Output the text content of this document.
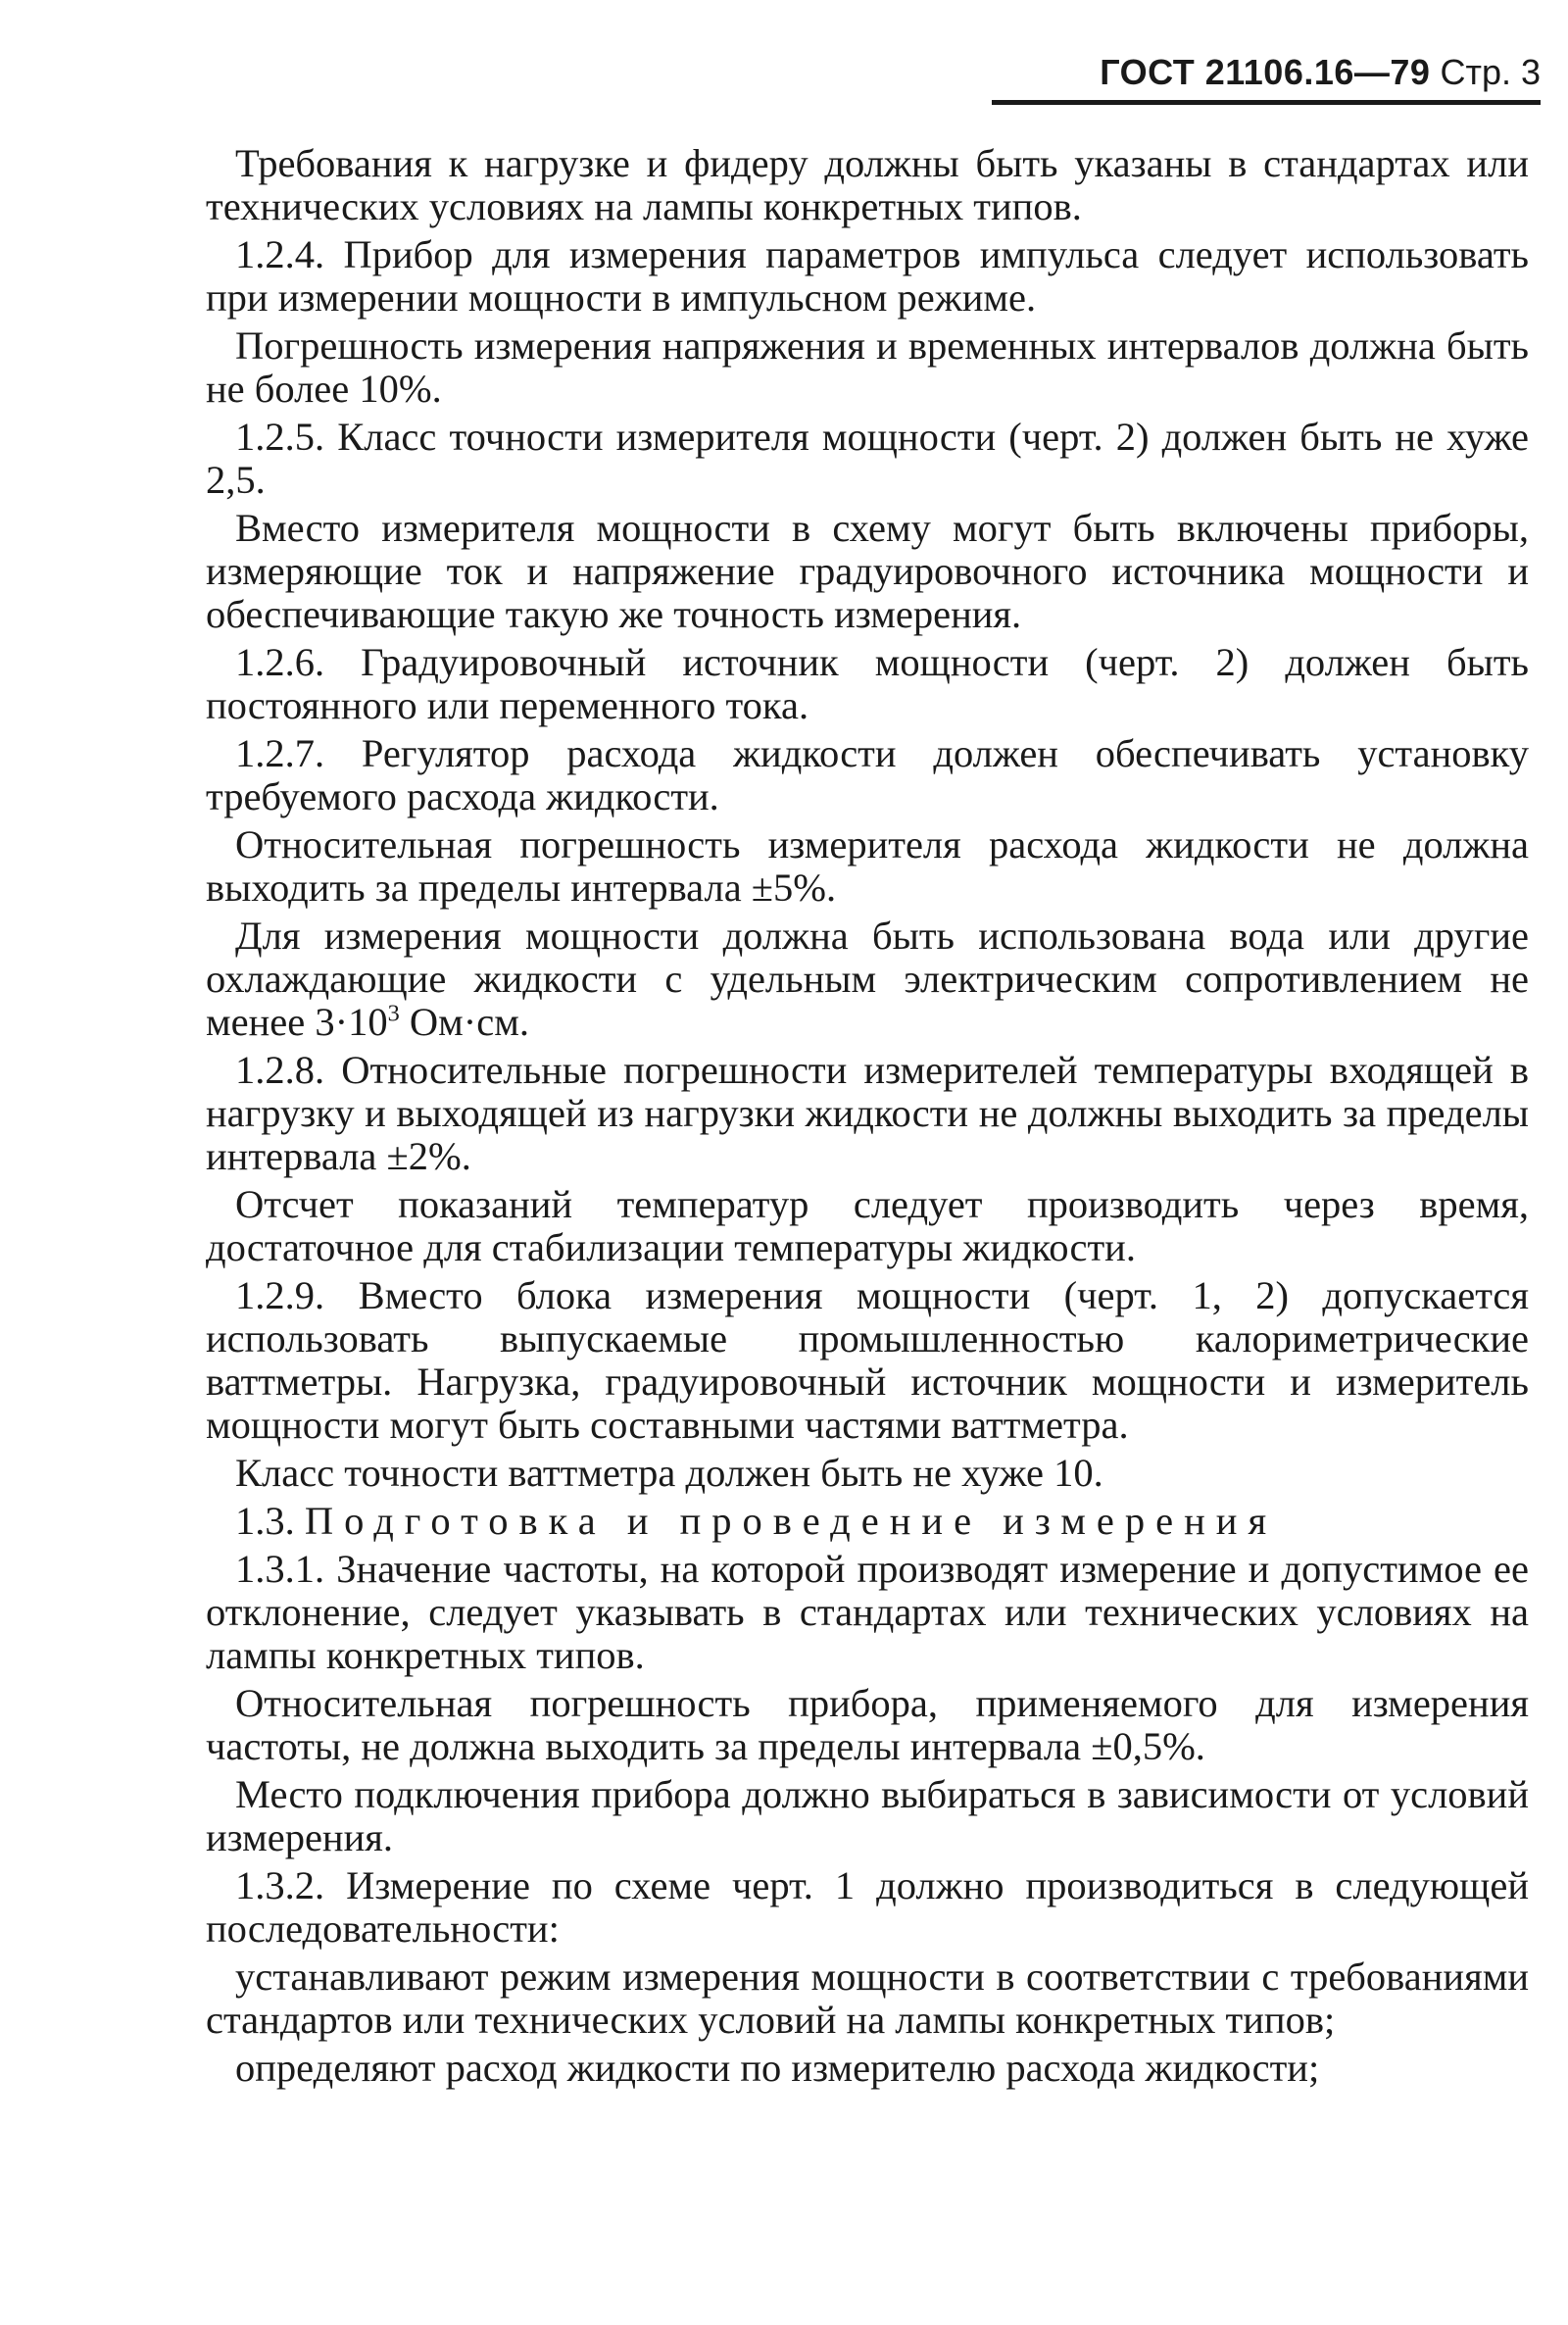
ГОСТ 21106.16—79 Стр. 3

Требования к нагрузке и фидеру должны быть указаны в стандартах или технических условиях на лампы конкретных типов.

1.2.4. Прибор для измерения параметров импульса следует использовать при измерении мощности в импульсном режиме.

Погрешность измерения напряжения и временных интервалов должна быть не более 10%.

1.2.5. Класс точности измерителя мощности (черт. 2) должен быть не хуже 2,5.

Вместо измерителя мощности в схему могут быть включены приборы, измеряющие ток и напряжение градуировочного источника мощности и обеспечивающие такую же точность измерения.

1.2.6. Градуировочный источник мощности (черт. 2) должен быть постоянного или переменного тока.

1.2.7. Регулятор расхода жидкости должен обеспечивать установку требуемого расхода жидкости.

Относительная погрешность измерителя расхода жидкости не должна выходить за пределы интервала ±5%.

Для измерения мощности должна быть использована вода или другие охлаждающие жидкости с удельным электрическим сопротивлением не менее $3\cdot 10^3$ Ом·см.

1.2.8. Относительные погрешности измерителей температуры входящей в нагрузку и выходящей из нагрузки жидкости не должны выходить за пределы интервала ±2%.

Отсчет показаний температур следует производить через время, достаточное для стабилизации температуры жидкости.

1.2.9. Вместо блока измерения мощности (черт. 1, 2) допускается использовать выпускаемые промышленностью калориметрические ваттметры. Нагрузка, градуировочный источник мощности и измеритель мощности могут быть составными частями ваттметра.

Класс точности ваттметра должен быть не хуже 10.

1.3. Подготовка и проведение измерения

1.3.1. Значение частоты, на которой производят измерение и допустимое ее отклонение, следует указывать в стандартах или технических условиях на лампы конкретных типов.

Относительная погрешность прибора, применяемого для измерения частоты, не должна выходить за пределы интервала ±0,5%.

Место подключения прибора должно выбираться в зависимости от условий измерения.

1.3.2. Измерение по схеме черт. 1 должно производиться в следующей последовательности:

устанавливают режим измерения мощности в соответствии с требованиями стандартов или технических условий на лампы конкретных типов;

определяют расход жидкости по измерителю расхода жидкости;
